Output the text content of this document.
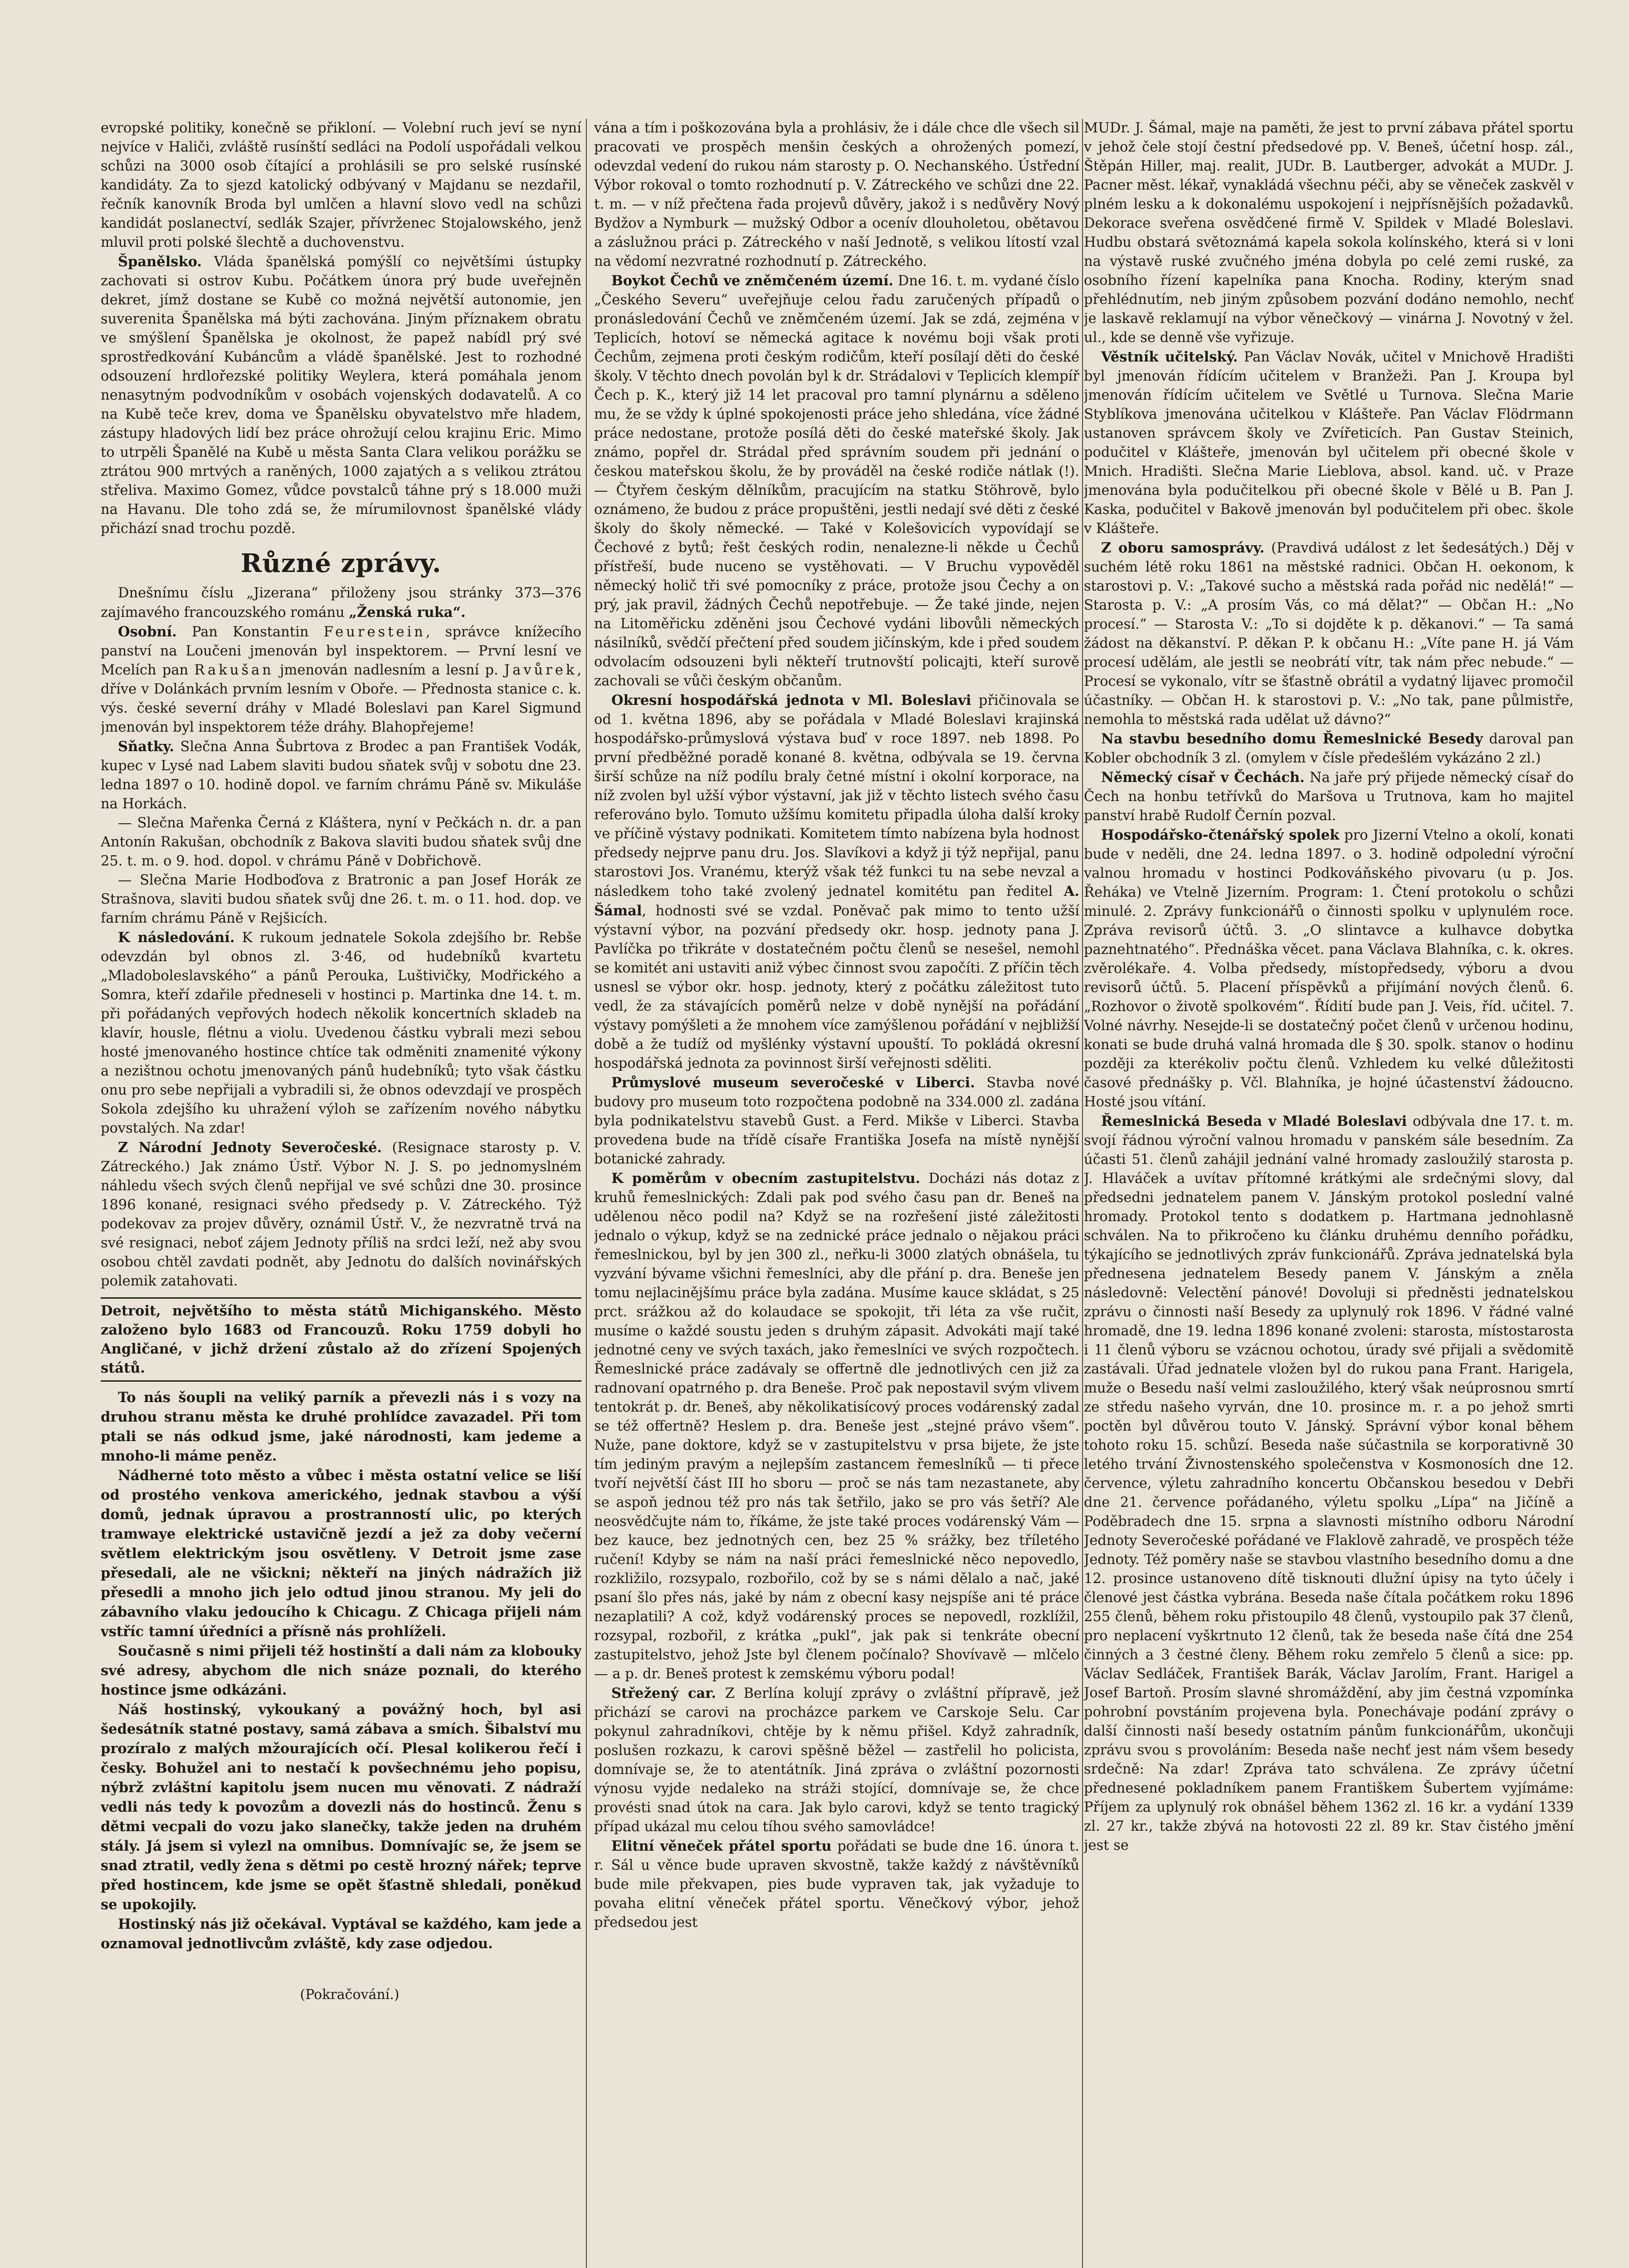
evropské politiky, konečně se přikloní. — Volební ruch jeví se nyní nejvíce v Haliči, zvláště rusínští sedláci na Podolí uspořádali velkou schůzi na 3000 osob čítající a prohlásili se pro selské rusínské kandidáty. Za to sjezd katolický odbývaný v Majdanu se nezdařil, řečník kanovník Broda byl umlčen a hlavní slovo vedl na schůzi kandidát poslanectví, sedlák Szajer, přívrženec Stojalowského, jenž mluvil proti polské šlechtě a duchovenstvu.

Španělsko. Vláda španělská pomýšlí co největšími ústupky zachovati si ostrov Kubu. Počátkem února prý bude uveřejněn dekret, jímž dostane se Kubě co možná největší autonomie, jen suverenita Španělska má býti zachována. Jiným příznakem obratu ve smýšlení Španělska je okolnost, že papež nabídl prý své sprostředkování Kubáncům a vládě španělské. Jest to rozhodné odsouzení hrdlořezské politiky Weylera, která pomáhala jenom nenasytným podvodníkům v osobách vojenských dodavatelů. A co na Kubě teče krev, doma ve Španělsku obyvatelstvo mře hladem, zástupy hladových lidí bez práce ohrožují celou krajinu Eric. Mimo to utrpěli Španělé na Kubě u města Santa Clara velikou porážku se ztrátou 900 mrtvých a raněných, 1000 zajatých a s velikou ztrátou střeliva. Maximo Gomez, vůdce povstalců táhne prý s 18.000 muži na Havanu. Dle toho zdá se, že mírumilovnost španělské vlády přichází snad trochu pozdě.

Různé zprávy.

Dnešnímu číslu „Jizerana“ přiloženy jsou stránky 373—376 zajímavého francouzského románu „Ženská ruka“.

Osobní. Pan Konstantin Feurestein, správce knížecího panství na Loučeni jmenován byl inspektorem. — První lesní ve Mcelích pan Rakušan jmenován nadlesním a lesní p. Javůrek, dříve v Dolánkách prvním lesním v Oboře. — Přednosta stanice c. k. výs. české severní dráhy v Mladé Boleslavi pan Karel Sigmund jmenován byl inspektorem téže dráhy. Blahopřejeme!

Sňatky. Slečna Anna Šubrtova z Brodec a pan František Vodák, kupec v Lysé nad Labem slaviti budou sňatek svůj v sobotu dne 23. ledna 1897 o 10. hodině dopol. ve farním chrámu Páně sv. Mikuláše na Horkách.

— Slečna Mařenka Černá z Kláštera, nyní v Pečkách n. dr. a pan Antonín Rakušan, obchodník z Bakova slaviti budou sňatek svůj dne 25. t. m. o 9. hod. dopol. v chrámu Páně v Dobřichově.

— Slečna Marie Hodboďova z Bratronic a pan Josef Horák ze Strašnova, slaviti budou sňatek svůj dne 26. t. m. o 11. hod. dop. ve farním chrámu Páně v Rejšicích.

K následování. K rukoum jednatele Sokola zdejšího br. Rebše odevzdán byl obnos zl. 3·46, od hudebníků kvartetu „Mladoboleslavského“ a pánů Perouka, Luštivičky, Modřického a Somra, kteří zdařile předneseli v hostinci p. Martinka dne 14. t. m. při pořádaných vepřových hodech několik koncertních skladeb na klavír, housle, flétnu a violu. Uvedenou částku vybrali mezi sebou hosté jmenovaného hostince chtíce tak odměniti znamenité výkony a nezištnou ochotu jmenovaných pánů hudebníků; tyto však částku onu pro sebe nepřijali a vybradili si, že obnos odevzdají ve prospěch Sokola zdejšího ku uhražení výloh se zařízením nového nábytku povstalých. Na zdar!

Z Národní Jednoty Severočeské. (Resignace starosty p. V. Zátreckého.) Jak známo Ústř. Výbor N. J. S. po jednomyslném náhledu všech svých členů nepřijal ve své schůzi dne 30. prosince 1896 konané, resignaci svého předsedy p. V. Zátreckého. Týž podekovav za projev důvěry, oznámil Ústř. V., že nezvratně trvá na své resignaci, neboť zájem Jednoty příliš na srdci leží, než aby svou osobou chtěl zavdati podnět, aby Jednotu do dalších novinářských polemik zatahovati.

Detroit, největšího to města států Michiganského. Město založeno bylo 1683 od Francouzů. Roku 1759 dobyli ho Angličané, v jichž držení zůstalo až do zřízení Spojených států.

To nás šoupli na veliký parník a převezli nás i s vozy na druhou stranu města ke druhé prohlídce zavazadel. Při tom ptali se nás odkud jsme, jaké národnosti, kam jedeme a mnoho-li máme peněz.

Nádherné toto město a vůbec i města ostatní velice se liší od prostého venkova amerického, jednak stavbou a výší domů, jednak úpravou a prostranností ulic, po kterých tramwaye elektrické ustavičně jezdí a jež za doby večerní světlem elektrickým jsou osvětleny. V Detroit jsme zase přesedali, ale ne všickni; někteří na jiných nádražích již přesedli a mnoho jich jelo odtud jinou stranou. My jeli do zábavního vlaku jedoucího k Chicagu. Z Chicaga přijeli nám vstříc tamní úředníci a přísně nás prohlíželi.

Současně s nimi přijeli též hostinští a dali nám za klobouky své adresy, abychom dle nich snáze poznali, do kterého hostince jsme odkázáni.

Náš hostinský, vykoukaný a povážný hoch, byl asi šedesátník statné postavy, samá zábava a smích. Šibalství mu prozíralo z malých mžourajících očí. Plesal kolikerou řečí i česky. Bohužel ani to nestačí k povšechnému jeho popisu, nýbrž zvláštní kapitolu jsem nucen mu věnovati. Z nádraží vedli nás tedy k povozům a dovezli nás do hostinců. Ženu s dětmi vecpali do vozu jako slanečky, takže jeden na druhém stály. Já jsem si vylezl na omnibus. Domnívajíc se, že jsem se snad ztratil, vedly žena s dětmi po cestě hrozný nářek; teprve před hostincem, kde jsme se opět šťastně shledali, poněkud se upokojily.

Hostinský nás již očekával. Vyptával se každého, kam jede a oznamoval jednotlivcům zvláště, kdy zase odjedou.

(Pokračování.)

vána a tím i poškozována byla a prohlásiv, že i dále chce dle všech sil pracovati ve prospěch menšin českých a ohrožených pomezí, odevzdal vedení do rukou nám starosty p. O. Nechanského. Ústřední Výbor rokoval o tomto rozhodnutí p. V. Zátreckého ve schůzi dne 22. t. m. — v níž přečtena řada projevů důvěry, jakož i s nedůvěry Nový Bydžov a Nymburk — mužský Odbor a ocenív dlouholetou, obětavou a záslužnou práci p. Zátreckého v naší Jednotě, s velikou lítostí vzal na vědomí nezvratné rozhodnutí p. Zátreckého.

Boykot Čechů ve zněmčeném území. Dne 16. t. m. vydané číslo „Českého Severu“ uveřejňuje celou řadu zaručených případů o pronásledování Čechů ve zněmčeném území. Jak se zdá, zejména v Teplicích, hotoví se německá agitace k novému boji však proti Čechům, zejmena proti českým rodičům, kteří posílají děti do české školy. V těchto dnech povolán byl k dr. Strádalovi v Teplicích klempíř Čech p. K., který již 14 let pracoval pro tamní plynárnu a sděleno mu, že se vždy k úplné spokojenosti práce jeho shledána, více žádné práce nedostane, protože posílá děti do české mateřské školy. Jak známo, popřel dr. Strádal před správním soudem při jednání o českou mateřskou školu, že by prováděl na české rodiče nátlak (!). — Čtyřem českým dělníkům, pracujícím na statku Stöhrově, bylo oznámeno, že budou z práce propuštěni, jestli nedají své děti z české školy do školy německé. — Také v Kolešovicích vypovídají se Čechové z bytů; řešt českých rodin, nenalezne-li někde u Čechů přístřeší, bude nuceno se vystěhovati. — V Bruchu vypověděl německý holič tři své pomocníky z práce, protože jsou Čechy a on prý, jak pravil, žádných Čechů nepotřebuje. — Že také jinde, nejen na Litoměřicku zděněni jsou Čechové vydáni libovůli německých násilníků, svědčí přečtení před soudem jičínským, kde i před soudem odvolacím odsouzeni byli někteří trutnovští policajti, kteří surově zachovali se vůči českým občanům.

Okresní hospodářská jednota v Ml. Boleslavi přičinovala se od 1. května 1896, aby se pořádala v Mladé Boleslavi krajinská hospodářsko-průmyslová výstava buď v roce 1897. neb 1898. Po první předběžné poradě konané 8. května, odbývala se 19. června širší schůze na níž podílu braly četné místní i okolní korporace, na níž zvolen byl užší výbor výstavní, jak již v těchto listech svého času referováno bylo. Tomuto užšímu komitetu připadla úloha další kroky ve příčině výstavy podnikati. Komitetem tímto nabízena byla hodnost předsedy nejprve panu dru. Jos. Slavíkovi a když ji týž nepřijal, panu starostovi Jos. Vranému, kterýž však též funkci tu na sebe nevzal a následkem toho také zvolený jednatel komitétu pan ředitel A. Šámal, hodnosti své se vzdal. Poněvač pak mimo to tento užší výstavní výbor, na pozvání předsedy okr. hosp. jednoty pana J. Pavlíčka po třikráte v dostatečném počtu členů se nesešel, nemohl se komitét ani ustaviti aniž výbec činnost svou započíti. Z příčin těch usnesl se výbor okr. hosp. jednoty, který z počátku záležitost tuto vedl, že za stávajících poměrů nelze v době nynější na pořádání výstavy pomýšleti a že mnohem více zamýšlenou pořádání v nejbližší době a že tudíž od myšlénky výstavní upouští. To pokládá okresní hospodářská jednota za povinnost širší veřejnosti sděliti.

Průmyslové museum severočeské v Liberci. Stavba nové budovy pro museum toto rozpočtena podobně na 334.000 zl. zadána byla podnikatelstvu stavebů Gust. a Ferd. Mikše v Liberci. Stavba provedena bude na třídě císaře Františka Josefa na místě nynější botanické zahrady.

K poměrům v obecním zastupitelstvu. Docházi nás dotaz z kruhů řemeslnických: Zdali pak pod svého času pan dr. Beneš na udělenou něco podil na? Když se na rozřešení jisté záležitosti jednalo o výkup, když se na zednické práce jednalo o nějakou práci řemeslnickou, byl by jen 300 zl., neřku-li 3000 zlatých obnášela, tu vyzvání bývame všichni řemeslníci, aby dle přání p. dra. Beneše jen tomu nejlacinějšímu práce byla zadána. Musíme kauce skládat, s 25 prct. srážkou až do kolaudace se spokojit, tři léta za vše ručit, musíme o každé soustu jeden s druhým zápasit. Advokáti mají také jednotné ceny ve svých taxách, jako řemeslníci ve svých rozpočtech. Řemeslnické práce zadávaly se offertně dle jednotlivých cen již za radnovaní opatrného p. dra Beneše. Proč pak nepostavil svým vlivem tentokrát p. dr. Beneš, aby několikatisícový proces vodárenský zadal se též offertně? Heslem p. dra. Beneše jest „stejné právo všem“. Nuže, pane doktore, když se v zastupitelstvu v prsa bijete, že jste tím jediným pravým a nejlepším zastancem řemeslníků — ti přece tvoří největší část III ho sboru — proč se nás tam nezastanete, aby se aspoň jednou též pro nás tak šetřilo, jako se pro vás šetří? Ale neosvědčujte nám to, říkáme, že jste také proces vodárenský Vám — bez kauce, bez jednotných cen, bez 25 % srážky, bez tříletého ručení! Kdyby se nám na naší práci řemeslnické něco nepovedlo, rozkližilo, rozsypalo, rozbořilo, což by se s námi dělalo a nač, jaké psaní šlo přes nás, jaké by nám z obecní kasy nejspíše ani té práce nezaplatili? A což, když vodárenský proces se nepovedl, rozklížil, rozsypal, rozbořil, z krátka „pukl“, jak pak si tenkráte obecní zastupitelstvo, jehož Jste byl členem počínalo? Shovívavě — mlčelo — a p. dr. Beneš protest k zemskému výboru podal!

Střežený car. Z Berlína kolují zprávy o zvláštní přípravě, jež přichází se carovi na procházce parkem ve Carskoje Selu. Car pokynul zahradníkovi, chtěje by k němu přišel. Když zahradník, poslušen rozkazu, k carovi spěšně běžel — zastřelil ho policista, domnívaje se, že to atentátník. Jiná zpráva o zvláštní pozornosti výnosu vyjde nedaleko na stráži stojící, domnívaje se, že chce provésti snad útok na cara. Jak bylo carovi, když se tento tragický případ ukázal mu celou tíhou svého samovládce!

Elitní věneček přátel sportu pořádati se bude dne 16. února t. r. Sál u věnce bude upraven skvostně, takže každý z návštěvníků bude mile překvapen, pies bude vypraven tak, jak vyžaduje to povaha elitní věneček přátel sportu. Věnečkový výbor, jehož předsedou jest

MUDr. J. Šámal, maje na paměti, že jest to první zábava přátel sportu v jehož čele stojí čestní předsedové pp. V. Beneš, účetní hosp. zál., Štěpán Hiller, maj. realit, JUDr. B. Lautberger, advokát a MUDr. J. Pacner měst. lékař, vynakládá všechnu péči, aby se věneček zaskvěl v plném lesku a k dokonalému uspokojení i nejpřísnějších požadavků. Dekorace sveřena osvědčené firmě V. Spildek v Mladé Boleslavi. Hudbu obstará světoznámá kapela sokola kolínského, která si v loni na výstavě ruské zvučného jména dobyla po celé zemi ruské, za osobního řízení kapelníka pana Knocha. Rodiny, kterým snad přehlédnutím, neb jiným způsobem pozvání dodáno nemohlo, nechť je laskavě reklamují na výbor věnečkový — vinárna J. Novotný v žel. ul., kde se denně vše vyřizuje.

Věstník učitelský. Pan Václav Novák, učitel v Mnichově Hradišti byl jmenován řídícím učitelem v Branžeži. Pan J. Kroupa byl jmenován řídícím učitelem ve Světlé u Turnova. Slečna Marie Styblíkova jmenována učitelkou v Klášteře. Pan Václav Flödrmann ustanoven správcem školy ve Zvířeticích. Pan Gustav Steinich, podučitel v Klášteře, jmenován byl učitelem při obecné škole v Mnich. Hradišti. Slečna Marie Lieblova, absol. kand. uč. v Praze jmenována byla podučitelkou při obecné škole v Bělé u B. Pan J. Kaska, podučitel v Bakově jmenován byl podučitelem při obec. škole v Klášteře.

Z oboru samosprávy. (Pravdivá událost z let šedesátých.) Děj v suchém létě roku 1861 na městské radnici. Občan H. oekonom, k starostovi p. V.: „Takové sucho a městská rada pořád nic nedělá!“ — Starosta p. V.: „A prosím Vás, co má dělat?“ — Občan H.: „No procesí.“ — Starosta V.: „To si dojděte k p. děkanovi.“ — Ta samá žádost na děkanství. P. děkan P. k občanu H.: „Víte pane H. já Vám procesí udělám, ale jestli se neobrátí vítr, tak nám přec nebude.“ — Procesí se vykonalo, vítr se šťastně obrátil a vydatný lijavec promočil účastníky. — Občan H. k starostovi p. V.: „No tak, pane půlmistře, nemohla to městská rada udělat už dávno?“

Na stavbu besedního domu Řemeslnické Besedy daroval pan Kobler obchodník 3 zl. (omylem v čísle předešlém vykázáno 2 zl.)

Německý císař v Čechách. Na jaře prý přijede německý císař do Čech na honbu tetřívků do Maršova u Trutnova, kam ho majitel panství hrabě Rudolf Černín pozval.

Hospodářsko-čtenářský spolek pro Jizerní Vtelno a okolí, konati bude v neděli, dne 24. ledna 1897. o 3. hodině odpolední výroční valnou hromadu v hostinci Podkováňského pivovaru (u p. Jos. Řeháka) ve Vtelně Jizerním. Program: 1. Čtení protokolu o schůzi minulé. 2. Zprávy funkcionářů o činnosti spolku v uplynulém roce. Zpráva revisorů účtů. 3. „O slintavce a kulhavce dobytka paznehtnatého“. Přednáška věcet. pana Václava Blahníka, c. k. okres. zvěrolékaře. 4. Volba předsedy, místopředsedy, výboru a dvou revisorů účtů. 5. Placení příspěvků a přijímání nových členů. 6. „Rozhovor o životě spolkovém“. Řídití bude pan J. Veis, říd. učitel. 7. Volné návrhy. Nesejde-li se dostatečný počet členů v určenou hodinu, konati se bude druhá valná hromada dle § 30. spolk. stanov o hodinu později za kterékoliv počtu členů. Vzhledem ku velké důležitosti časové přednášky p. Včl. Blahníka, je hojné účastenství žádoucno. Hosté jsou vítání.

Řemeslnická Beseda v Mladé Boleslavi odbývala dne 17. t. m. svojí řádnou výroční valnou hromadu v panském sále besedním. Za účasti 51. členů zahájil jednání valné hromady zasloužilý starosta p. J. Hlaváček a uvítav přítomné krátkými ale srdečnými slovy, dal předsedni jednatelem panem V. Jánským protokol poslední valné hromady. Protokol tento s dodatkem p. Hartmana jednohlasně schválen. Na to přikročeno ku článku druhému denního pořádku, týkajícího se jednotlivých zpráv funkcionářů. Zpráva jednatelská byla přednesena jednatelem Besedy panem V. Jánským a zněla následovně: Velectění pánové! Dovoluji si předněsti jednatelskou zprávu o činnosti naší Besedy za uplynulý rok 1896. V řádné valné hromadě, dne 19. ledna 1896 konané zvoleni: starosta, místostarosta i 11 členů výboru se vzácnou ochotou, úrady své přijali a svědomitě zastávali. Úřad jednatele vložen byl do rukou pana Frant. Harigela, muže o Besedu naší velmi zasloužilého, který však neúprosnou smrtí ze středu našeho vyrván, dne 10. prosince m. r. a po jehož smrti poctěn byl důvěrou touto V. Jánský. Správní výbor konal během tohoto roku 15. schůzí. Beseda naše súčastnila se korporativně 30 letého trvání Živnostenského společenstva v Kosmonosích dne 12. července, výletu zahradního koncertu Občanskou besedou v Debři dne 21. července pořádaného, výletu spolku „Lípa“ na Jičíně a Poděbradech dne 15. srpna a slavnosti místního odboru Národní Jednoty Severočeské pořádané ve Flaklově zahradě, ve prospěch téže Jednoty. Též poměry naše se stavbou vlastního besedního domu a dne 12. prosince ustanoveno dítě tisknouti dlužní úpisy na tyto účely i členové jest částka vybrána. Beseda naše čítala počátkem roku 1896 255 členů, během roku přistoupilo 48 členů, vystoupilo pak 37 členů, pro neplacení vyškrtnuto 12 členů, tak že beseda naše čítá dne 254 činných a 3 čestné členy. Během roku zemřelo 5 členů a sice: pp. Václav Sedláček, František Barák, Václav Jarolím, Frant. Harigel a Josef Bartoň. Prosím slavné shromáždění, aby jim čestná vzpomínka pohrobní povstáním projevena byla. Ponechávaje podání zprávy o další činnosti naší besedy ostatním pánům funkcionářům, ukončuji zprávu svou s provoláním: Beseda naše nechť jest nám všem besedy srdečně: Na zdar! Zpráva tato schválena. Ze zprávy účetní přednesené pokladníkem panem Františkem Šubertem vyjímáme: Příjem za uplynulý rok obnášel během 1362 zl. 16 kr. a vydání 1339 zl. 27 kr., takže zbývá na hotovosti 22 zl. 89 kr. Stav čistého jmění jest se
